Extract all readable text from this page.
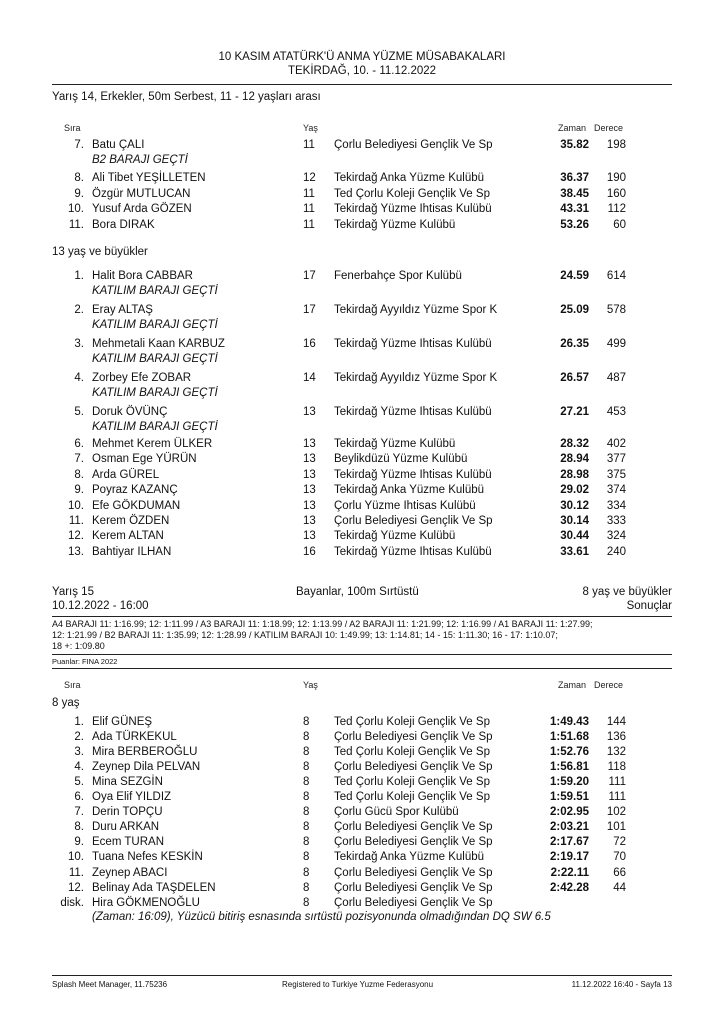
10 KASIM ATATÜRK'Ü ANMA YÜZME MÜSABAKALARI
TEKİRDAĞ, 10. - 11.12.2022
Yarış 14, Erkekler, 50m Serbest, 11 - 12 yaşları arası
Sıra	Yaş	Zaman Derece
7. Batu ÇALI	11 Çorlu Belediyesi Gençlik Ve Sp	35.82	198
B2 BARAJI GEÇTİ
8. Ali Tibet YEŞİLLETEN	12 Tekirdağ Anka Yüzme Kulübü	36.37	190
9. Özgür MUTLUCAN	11 Ted Çorlu Koleji Gençlik Ve Sp	38.45	160
10. Yusuf Arda GÖZEN	11 Tekirdağ Yüzme Ihtisas Kulübü	43.31	112
11. Bora DIRAK	11 Tekirdağ Yüzme Kulübü	53.26	60
13 yaş ve büyükler
1. Halit Bora CABBAR	17 Fenerbahçe Spor Kulübü	24.59	614
KATILIM BARAJI GEÇTİ
2. Eray ALTAŞ	17 Tekirdağ Ayyıldız Yüzme Spor K	25.09	578
KATILIM BARAJI GEÇTİ
3. Mehmetali Kaan KARBUZ	16 Tekirdağ Yüzme Ihtisas Kulübü	26.35	499
KATILIM BARAJI GEÇTİ
4. Zorbey Efe ZOBAR	14 Tekirdağ Ayyıldız Yüzme Spor K	26.57	487
KATILIM BARAJI GEÇTİ
5. Doruk ÖVÜNÇ	13 Tekirdağ Yüzme Ihtisas Kulübü	27.21	453
KATILIM BARAJI GEÇTİ
6. Mehmet Kerem ÜLKER	13 Tekirdağ Yüzme Kulübü	28.32	402
7. Osman Ege YÜRÜN	13 Beylikdüzü Yüzme Kulübü	28.94	377
8. Arda GÜREL	13 Tekirdağ Yüzme Ihtisas Kulübü	28.98	375
9. Poyraz KAZANÇ	13 Tekirdağ Anka Yüzme Kulübü	29.02	374
10. Efe GÖKDUMAN	13 Çorlu Yüzme Ihtisas Kulübü	30.12	334
11. Kerem ÖZDEN	13 Çorlu Belediyesi Gençlik Ve Sp	30.14	333
12. Kerem ALTAN	13 Tekirdağ Yüzme Kulübü	30.44	324
13. Bahtiyar ILHAN	16 Tekirdağ Yüzme Ihtisas Kulübü	33.61	240
Yarış 15	Bayanlar, 100m Sırtüstü	8 yaş ve büyükler
10.12.2022 - 16:00	Sonuçlar
A4 BARAJI 11: 1:16.99; 12: 1:11.99 / A3 BARAJI 11: 1:18.99; 12: 1:13.99 / A2 BARAJI 11: 1:21.99; 12: 1:16.99 / A1 BARAJI 11: 1:27.99;
12: 1:21.99 / B2 BARAJI 11: 1:35.99; 12: 1:28.99 / KATILIM BARAJI 10: 1:49.99; 13: 1:14.81; 14 - 15: 1:11.30; 16 - 17: 1:10.07;
18 +: 1:09.80
Puanlar: FINA 2022
Sıra	Yaş	Zaman Derece
8 yaş
1. Elif GÜNEŞ	8 Ted Çorlu Koleji Gençlik Ve Sp	1:49.43	144
2. Ada TÜRKEKUL	8 Çorlu Belediyesi Gençlik Ve Sp	1:51.68	136
3. Mira BERBEROĞLU	8 Ted Çorlu Koleji Gençlik Ve Sp	1:52.76	132
4. Zeynep Dila PELVAN	8 Çorlu Belediyesi Gençlik Ve Sp	1:56.81	118
5. Mina SEZGİN	8 Ted Çorlu Koleji Gençlik Ve Sp	1:59.20	111
6. Oya Elif YILDIZ	8 Ted Çorlu Koleji Gençlik Ve Sp	1:59.51	111
7. Derin TOPÇU	8 Çorlu Gücü Spor Kulübü	2:02.95	102
8. Duru ARKAN	8 Çorlu Belediyesi Gençlik Ve Sp	2:03.21	101
9. Ecem TURAN	8 Çorlu Belediyesi Gençlik Ve Sp	2:17.67	72
10. Tuana Nefes KESKİN	8 Tekirdağ Anka Yüzme Kulübü	2:19.17	70
11. Zeynep ABACI	8 Çorlu Belediyesi Gençlik Ve Sp	2:22.11	66
12. Belinay Ada TAŞDELEN	8 Çorlu Belediyesi Gençlik Ve Sp	2:42.28	44
disk. Hira GÖKMENOĞLU	8 Çorlu Belediyesi Gençlik Ve Sp
(Zaman: 16:09), Yüzücü bitiriş esnasında sırtüstü pozisyonunda olmadığından DQ SW 6.5
Splash Meet Manager, 11.75236	Registered to Turkiye Yuzme Federasyonu	11.12.2022 16:40 - Sayfa 13
